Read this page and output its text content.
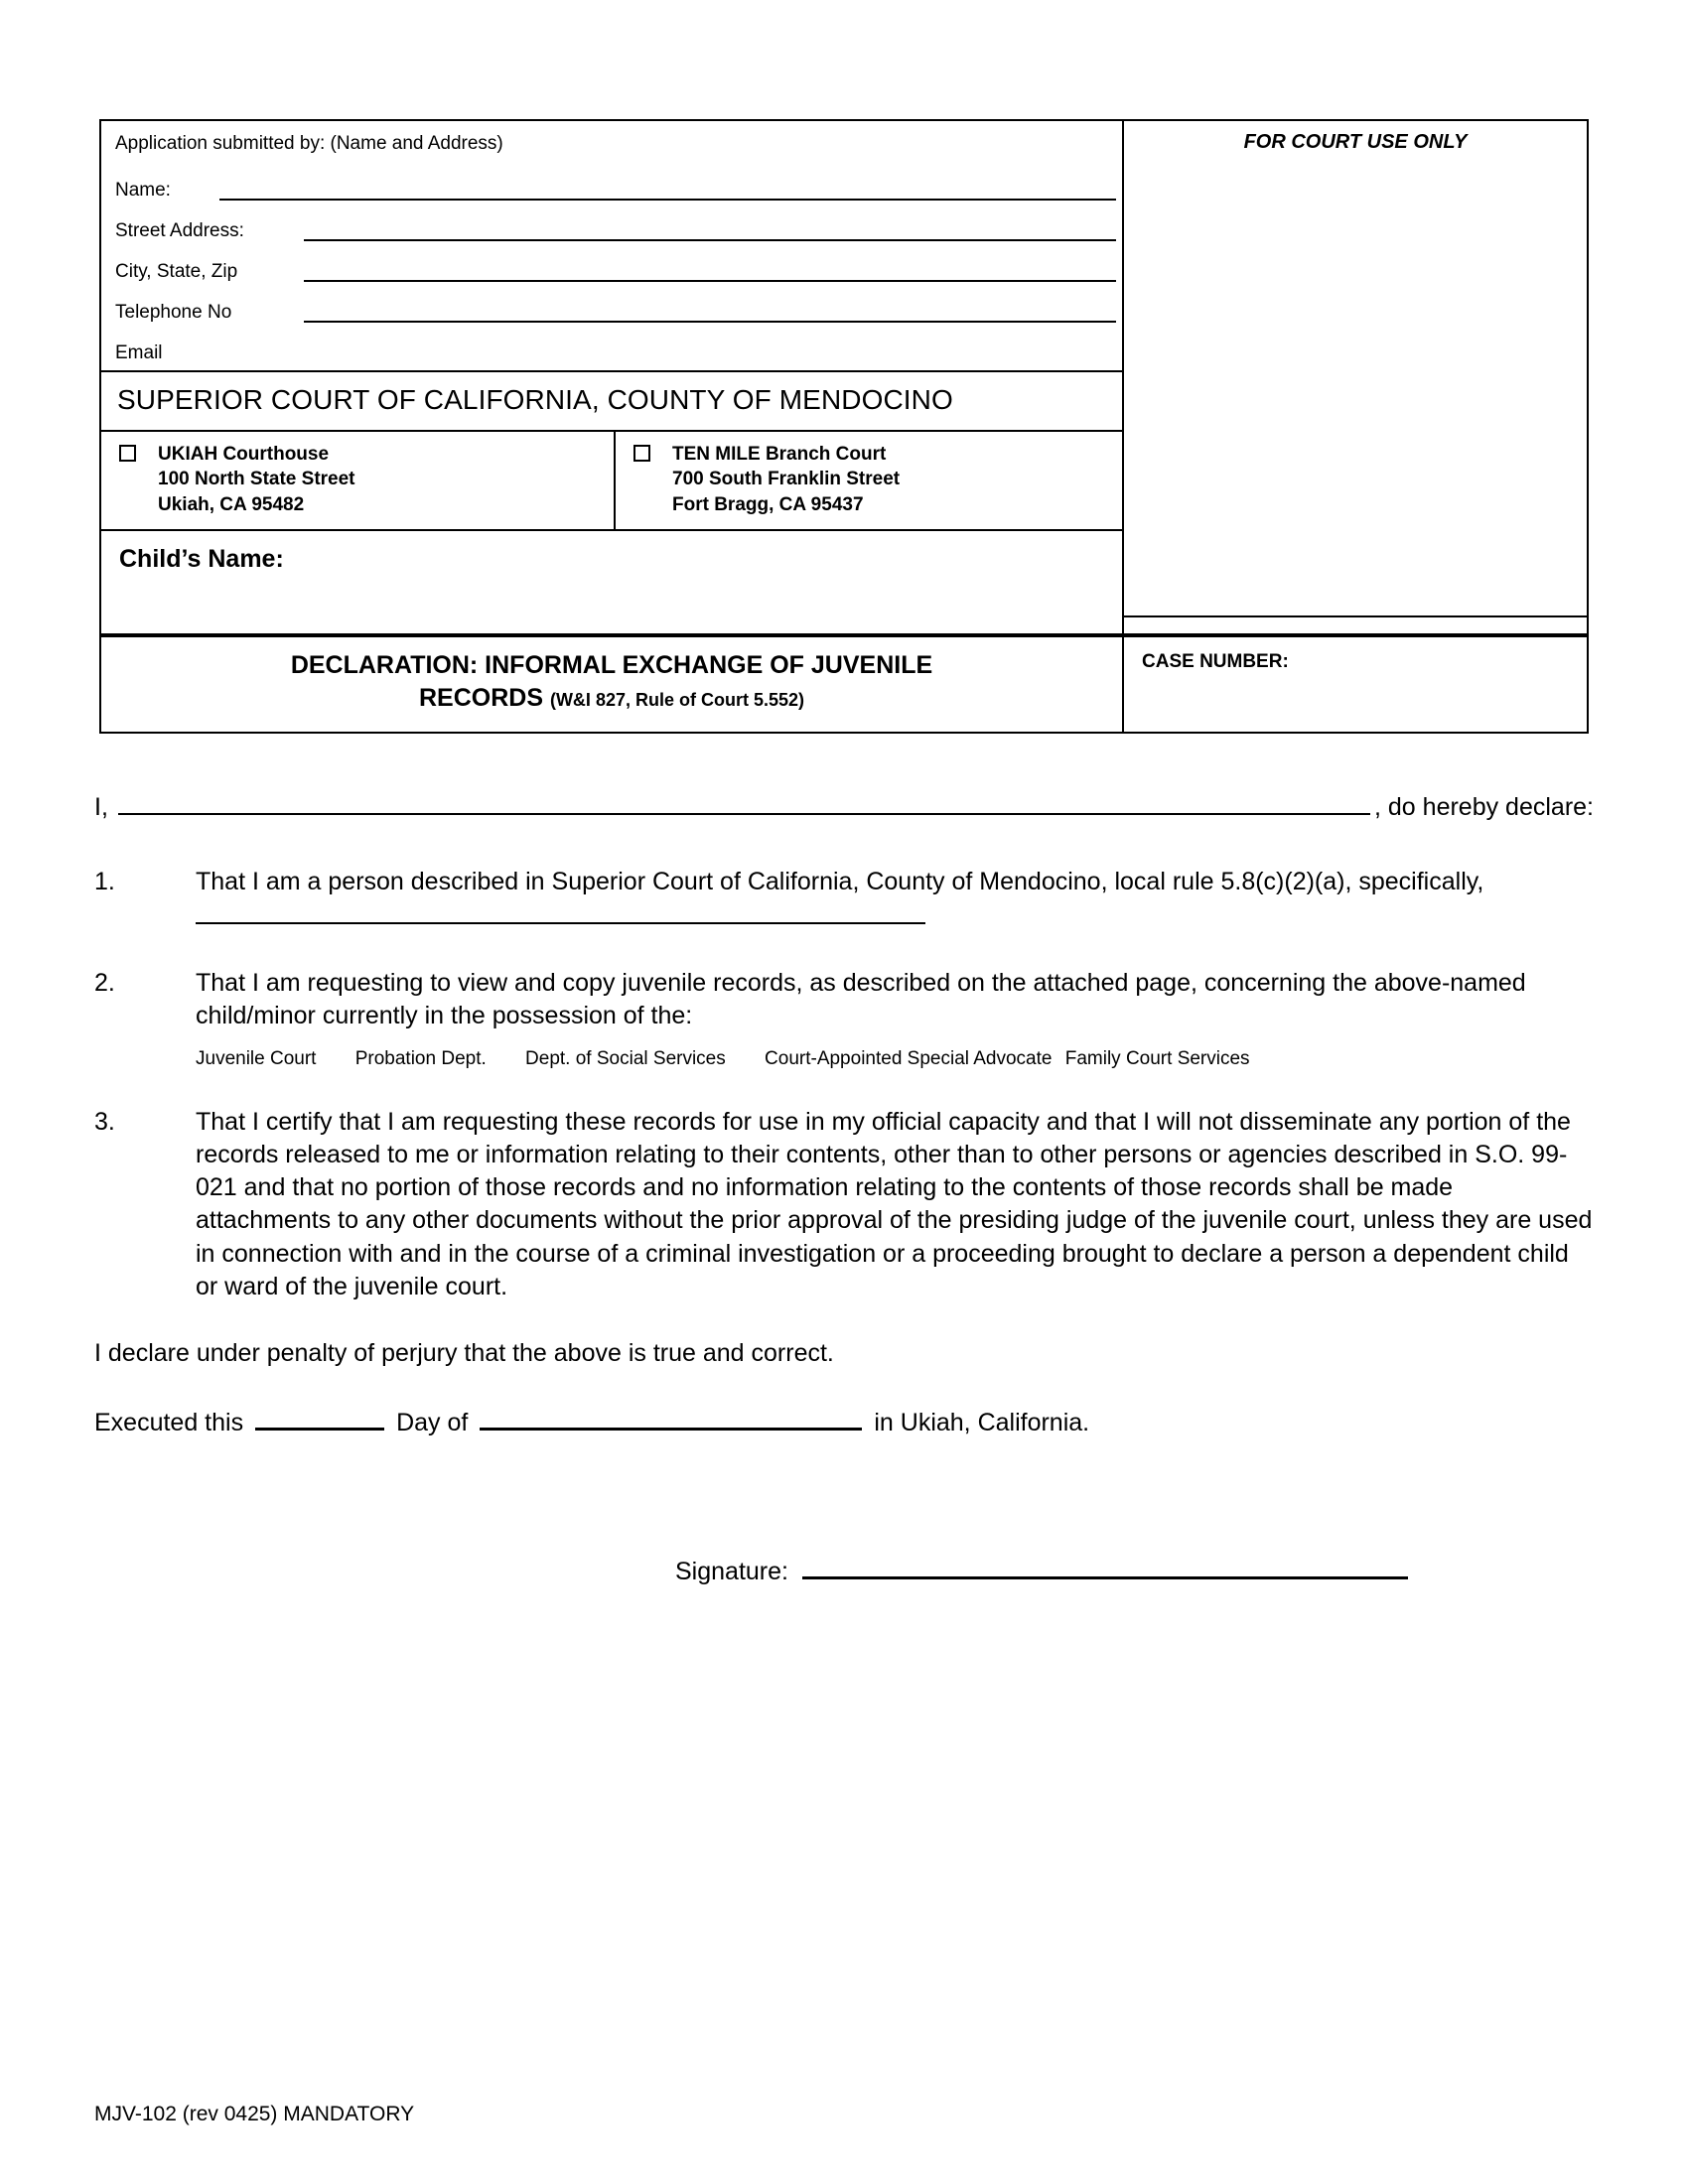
Application submitted by: (Name and Address)
Name:
Street Address:
City, State, Zip
Telephone No
Email
SUPERIOR COURT OF CALIFORNIA, COUNTY OF MENDOCINO
UKIAH Courthouse
100 North State Street
Ukiah, CA 95482
TEN MILE Branch Court
700 South Franklin Street
Fort Bragg, CA 95437
Child’s Name:
FOR COURT USE ONLY
DECLARATION: INFORMAL EXCHANGE OF JUVENILE
RECORDS (W&I 827, Rule of Court 5.552)
CASE NUMBER:
I,	, do hereby declare:
1.	That I am a person described in Superior Court of California, County of Mendocino, local rule 5.8(c)(2)(a), specifically,
2.	That I am requesting to view and copy juvenile records, as described on the attached page, concerning the above-named child/minor currently in the possession of the:
Juvenile Court Probation Dept. Dept. of Social Services Court-Appointed Special Advocate Family Court Services
3.	That I certify that I am requesting these records for use in my official capacity and that I will not disseminate any portion of the records released to me or information relating to their contents, other than to other persons or agencies described in S.O. 99-021 and that no portion of those records and no information relating to the contents of those records shall be made attachments to any other documents without the prior approval of the presiding judge of the juvenile court, unless they are used in connection with and in the course of a criminal investigation or a proceeding brought to declare a person a dependent child or ward of the juvenile court.
I declare under penalty of perjury that the above is true and correct.
Executed this	Day of	in Ukiah, California.
Signature:
MJV-102 (rev 0425) MANDATORY
